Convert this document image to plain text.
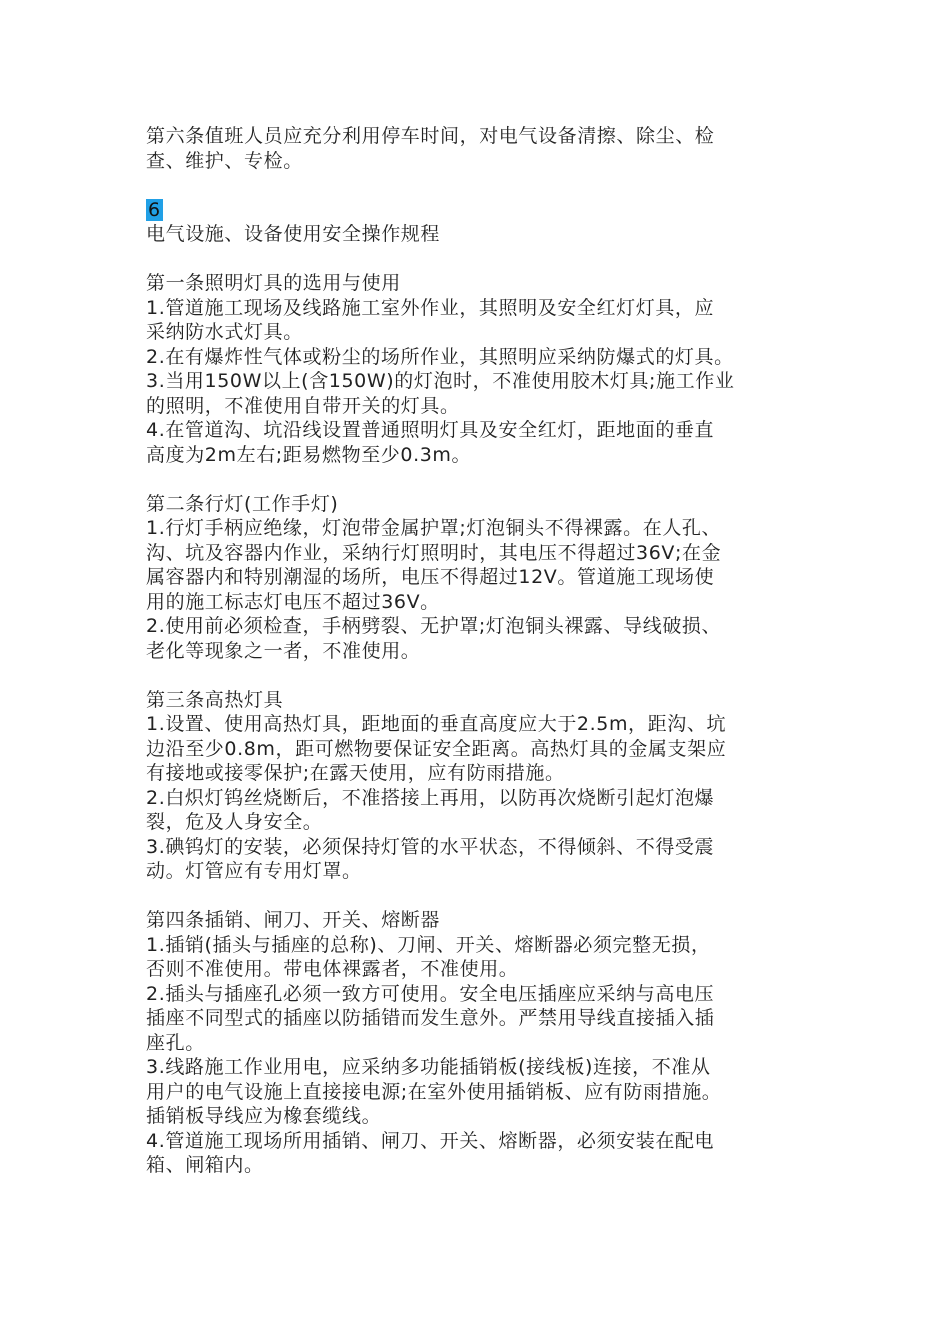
第六条值班人员应充分利用停车时间，对电气设备清擦、除尘、检
查、维护、专检。
6
电气设施、设备使用安全操作规程
第一条照明灯具的选用与使用
1.管道施工现场及线路施工室外作业，其照明及安全红灯灯具，应
采纳防水式灯具。
2.在有爆炸性气体或粉尘的场所作业，其照明应采纳防爆式的灯具。
3.当用150W以上(含150W)的灯泡时，不准使用胶木灯具;施工作业
的照明，不准使用自带开关的灯具。
4.在管道沟、坑沿线设置普通照明灯具及安全红灯，距地面的垂直
高度为2m左右;距易燃物至少0.3m。
第二条行灯(工作手灯)
1.行灯手柄应绝缘，灯泡带金属护罩;灯泡铜头不得裸露。在人孔、
沟、坑及容器内作业，采纳行灯照明时，其电压不得超过36V;在金
属容器内和特别潮湿的场所，电压不得超过12V。管道施工现场使
用的施工标志灯电压不超过36V。
2.使用前必须检查，手柄劈裂、无护罩;灯泡铜头裸露、导线破损、
老化等现象之一者，不准使用。
第三条高热灯具
1.设置、使用高热灯具，距地面的垂直高度应大于2.5m，距沟、坑
边沿至少0.8m，距可燃物要保证安全距离。高热灯具的金属支架应
有接地或接零保护;在露天使用，应有防雨措施。
2.白炽灯钨丝烧断后，不准搭接上再用，以防再次烧断引起灯泡爆
裂，危及人身安全。
3.碘钨灯的安装，必须保持灯管的水平状态，不得倾斜、不得受震
动。灯管应有专用灯罩。
第四条插销、闸刀、开关、熔断器
1.插销(插头与插座的总称)、刀闸、开关、熔断器必须完整无损，
否则不准使用。带电体裸露者，不准使用。
2.插头与插座孔必须一致方可使用。安全电压插座应采纳与高电压
插座不同型式的插座以防插错而发生意外。严禁用导线直接插入插
座孔。
3.线路施工作业用电，应采纳多功能插销板(接线板)连接，不准从
用户的电气设施上直接接电源;在室外使用插销板、应有防雨措施。
插销板导线应为橡套缆线。
4.管道施工现场所用插销、闸刀、开关、熔断器，必须安装在配电
箱、闸箱内。
